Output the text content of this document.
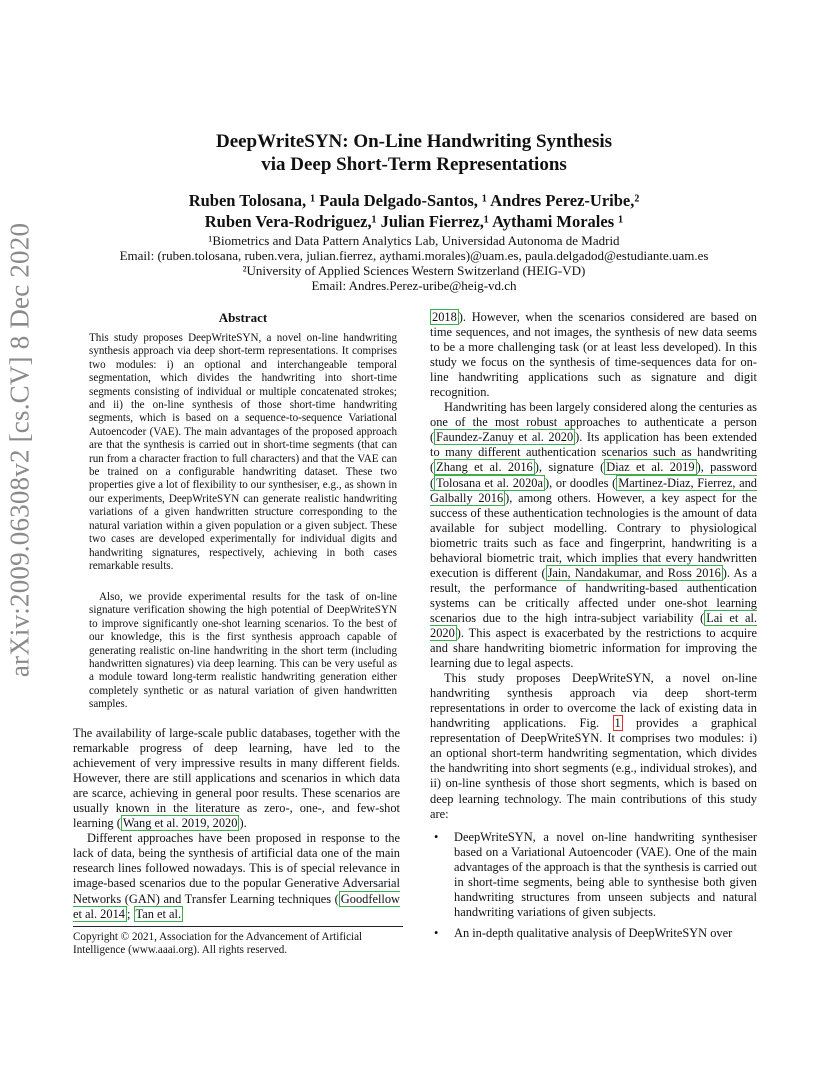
DeepWriteSYN: On-Line Handwriting Synthesis
via Deep Short-Term Representations
Ruben Tolosana, ¹ Paula Delgado-Santos, ¹ Andres Perez-Uribe,²
Ruben Vera-Rodriguez,¹ Julian Fierrez,¹ Aythami Morales ¹
¹Biometrics and Data Pattern Analytics Lab, Universidad Autonoma de Madrid
Email: (ruben.tolosana, ruben.vera, julian.fierrez, aythami.morales)@uam.es, paula.delgadod@estudiante.uam.es
²University of Applied Sciences Western Switzerland (HEIG-VD)
Email: Andres.Perez-uribe@heig-vd.ch
arXiv:2009.06308v2 [cs.CV] 8 Dec 2020	Abstract
This study proposes DeepWriteSYN, a novel on-line handwriting synthesis approach via deep short-term representations. It comprises two modules: i) an optional and interchangeable temporal segmentation, which divides the handwriting into short-time segments consisting of individual or multiple concatenated strokes; and ii) the on-line synthesis of those short-time handwriting segments, which is based on a sequence-to-sequence Variational Autoencoder (VAE). The main advantages of the proposed approach are that the synthesis is carried out in short-time segments (that can run from a character fraction to full characters) and that the VAE can be trained on a configurable handwriting dataset. These two properties give a lot of flexibility to our synthesiser, e.g., as shown in our experiments, DeepWriteSYN can generate realistic handwriting variations of a given handwritten structure corresponding to the natural variation within a given population or a given subject. These two cases are developed experimentally for individual digits and handwriting signatures, respectively, achieving in both cases remarkable results.
Also, we provide experimental results for the task of on-line signature verification showing the high potential of DeepWriteSYN to improve significantly one-shot learning scenarios. To the best of our knowledge, this is the first synthesis approach capable of generating realistic on-line handwriting in the short term (including handwritten signatures) via deep learning. This can be very useful as a module toward long-term realistic handwriting generation either completely synthetic or as natural variation of given handwritten samples.

The availability of large-scale public databases, together with the remarkable progress of deep learning, have led to the achievement of very impressive results in many different fields. However, there are still applications and scenarios in which data are scarce, achieving in general poor results. These scenarios are usually known in the literature as zero-, one-, and few-shot learning ( Wang et al. 2019, 2020 ).

Different approaches have been proposed in response to the lack of data, being the synthesis of artificial data one of the main research lines followed nowadays. This is of special relevance in image-based scenarios due to the popular Generative Adversarial Networks (GAN) and Transfer Learning techniques ( Goodfellow et al. 2014 ; Tan et al.

Copyright © 2021, Association for the Advancement of Artificial Intelligence (www.aaai.org). All rights reserved.

2018 ). However, when the scenarios considered are based on time sequences, and not images, the synthesis of new data seems to be a more challenging task (or at least less developed). In this study we focus on the synthesis of time-sequences data for on-line handwriting applications such as signature and digit recognition.

Handwriting has been largely considered along the centuries as one of the most robust approaches to authenticate a person ( Faundez-Zanuy et al. 2020 ). Its application has been extended to many different authentication scenarios such as handwriting ( Zhang et al. 2016 ), signature ( Diaz et al. 2019 ), password ( Tolosana et al. 2020a ), or doodles ( Martinez-Diaz, Fierrez, and Galbally 2016 ), among others. However, a key aspect for the success of these authentication technologies is the amount of data available for subject modelling. Contrary to physiological biometric traits such as face and fingerprint, handwriting is a behavioral biometric trait, which implies that every handwritten execution is different ( Jain, Nandakumar, and Ross 2016 ). As a result, the performance of handwriting-based authentication systems can be critically affected under one-shot learning scenarios due to the high intra-subject variability ( Lai et al. 2020 ). This aspect is exacerbated by the restrictions to acquire and share handwriting biometric information for improving the learning due to legal aspects.

This study proposes DeepWriteSYN, a novel on-line handwriting synthesis approach via deep short-term representations in order to overcome the lack of existing data in handwriting applications. Fig. 1 provides a graphical representation of DeepWriteSYN. It comprises two modules: i) an optional short-term handwriting segmentation, which divides the handwriting into short segments (e.g., individual strokes), and ii) on-line synthesis of those short segments, which is based on deep learning technology. The main contributions of this study are:

• DeepWriteSYN, a novel on-line handwriting synthesiser based on a Variational Autoencoder (VAE). One of the main advantages of the approach is that the synthesis is carried out in short-time segments, being able to synthesise both given handwriting structures from unseen subjects and natural handwriting variations of given subjects.
• An in-depth qualitative analysis of DeepWriteSYN over
